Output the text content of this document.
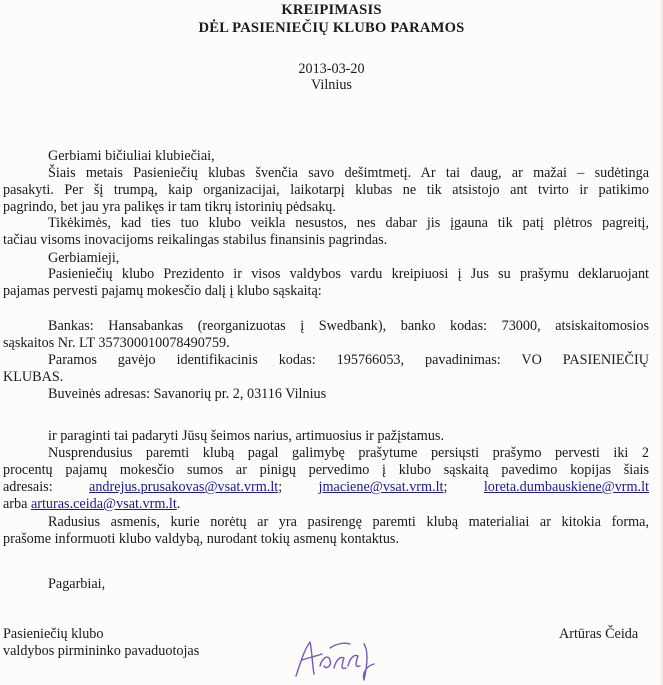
KREIPIMASIS
DĖL PASIENIEČIŲ KLUBO PARAMOS
2013-03-20
Vilnius
Gerbiami bičiuliai klubiečiai,
Šiais metais Pasieniečių klubas švenčia savo dešimtmetį. Ar tai daug, ar mažai – sudėtinga
pasakyti. Per šį trumpą, kaip organizacijai, laikotarpį klubas ne tik atsistojo ant tvirto ir patikimo
pagrindo, bet jau yra palikęs ir tam tikrų istorinių pėdsakų.
Tikėkimės, kad ties tuo klubo veikla nesustos, nes dabar jis įgauna tik patį plėtros pagreitį,
tačiau visoms inovacijoms reikalingas stabilus finansinis pagrindas.
Gerbiamieji,
Pasieniečių klubo Prezidento ir visos valdybos vardu kreipiuosi į Jus su prašymu deklaruojant
pajamas pervesti pajamų mokesčio dalį į klubo sąskaitą:
Bankas: Hansabankas (reorganizuotas į Swedbank), banko kodas: 73000, atsiskaitomosios
sąskaitos Nr. LT 357300010078490759.
Paramos gavėjo identifikacinis kodas: 195766053, pavadinimas: VO PASIENIEČIŲ
KLUBAS.
Buveinės adresas: Savanorių pr. 2, 03116 Vilnius
ir paraginti tai padaryti Jūsų šeimos narius, artimuosius ir pažįstamus.
Nusprendusius paremti klubą pagal galimybę prašytume persiųsti prašymo pervesti iki 2
procentų pajamų mokesčio sumos ar pinigų pervedimo į klubo sąskaitą pavedimo kopijas šiais
adresais:	andrejus.prusakovas@vsat.vrm.lt;	jmaciene@vsat.vrm.lt;	loreta.dumbauskiene@vrm.lt
arba arturas.ceida@vsat.vrm.lt.
Radusius asmenis, kurie norėtų ar yra pasirengę paremti klubą materialiai ar kitokia forma,
prašome informuoti klubo valdybą, nurodant tokių asmenų kontaktus.
Pagarbiai,
Pasieniečių klubo
valdybos pirmininko pavaduotojas
Artūras Čeida
